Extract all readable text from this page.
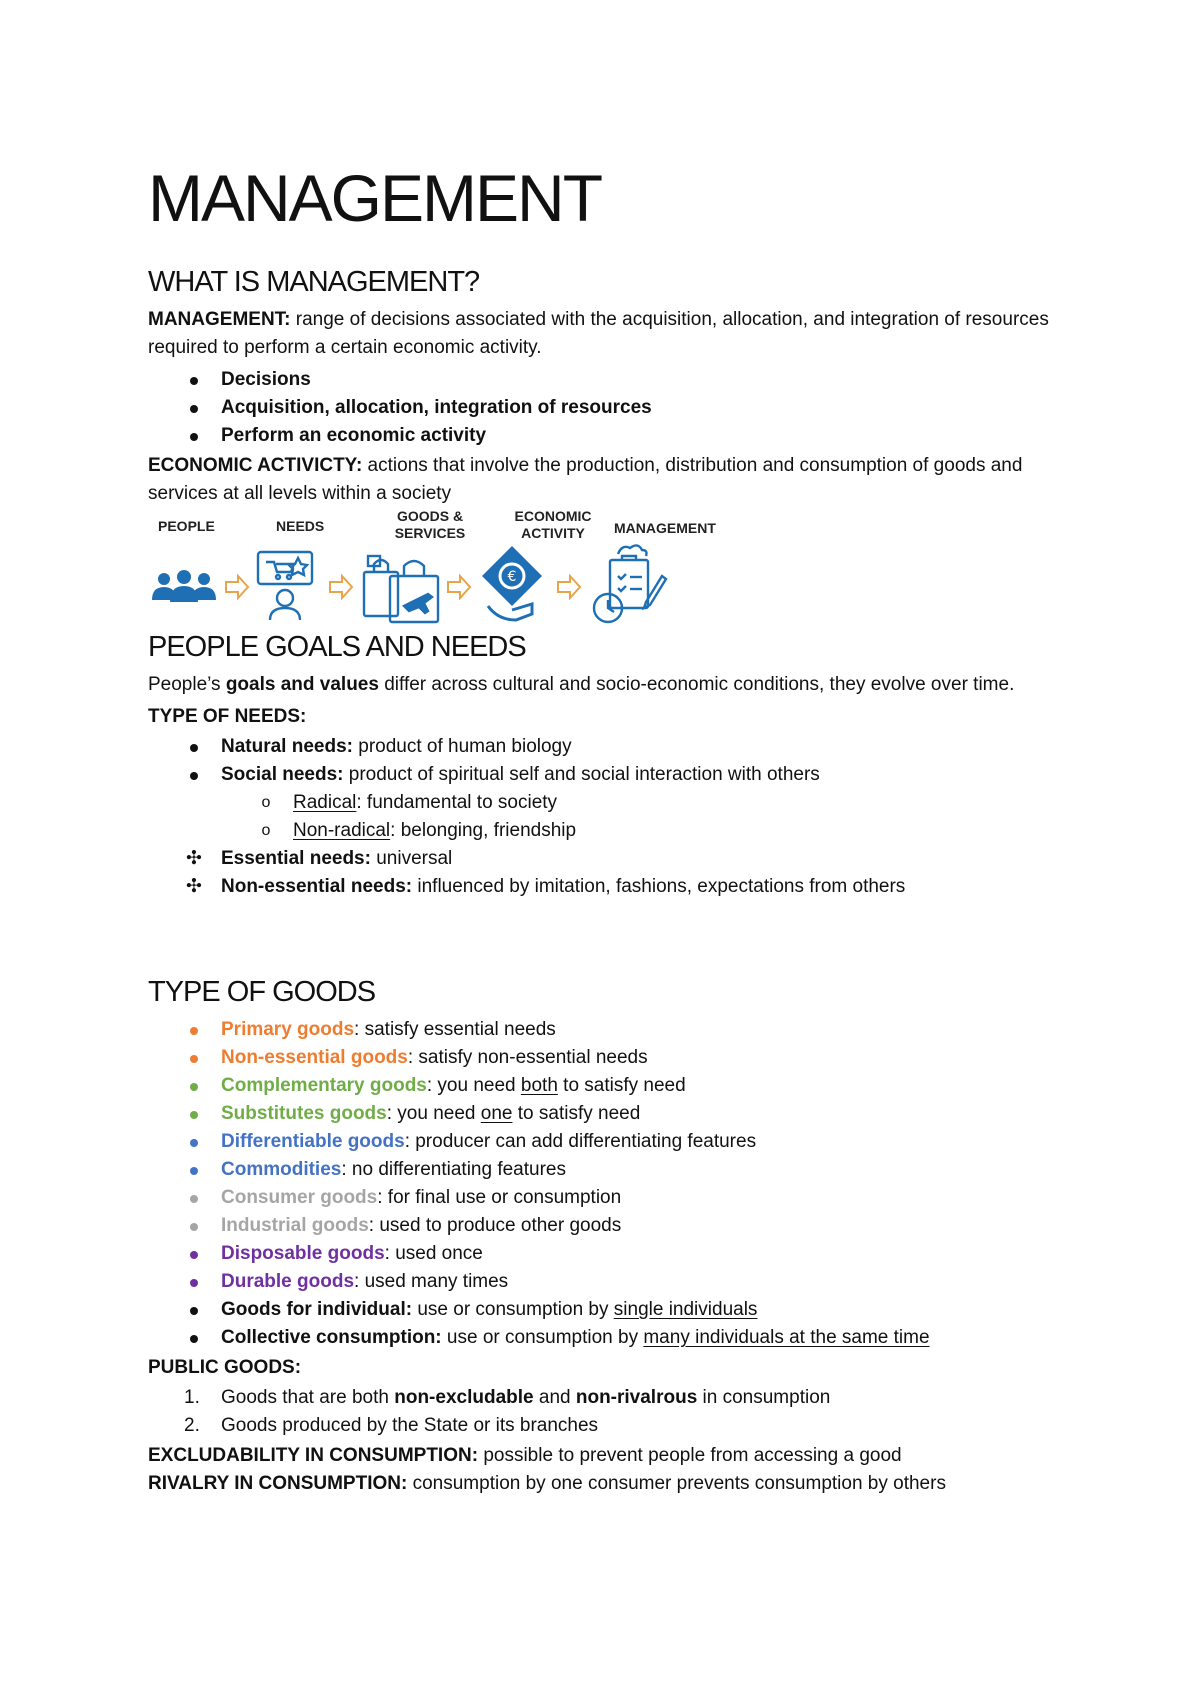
MANAGEMENT
WHAT IS MANAGEMENT?

MANAGEMENT: range of decisions associated with the acquisition, allocation, and integration of resources required to perform a certain economic activity.

Decisions
Acquisition, allocation, integration of resources
Perform an economic activity

ECONOMIC ACTIVICTY: actions that involve the production, distribution and consumption of goods and services at all levels within a society

PEOPLE	NEEDS
GOODS &
SERVICES
ECONOMIC
ACTIVITY	MANAGEMENT
€
PEOPLE GOALS AND NEEDS

People’s goals and values differ across cultural and socio-economic conditions, they evolve over time.

TYPE OF NEEDS:

Natural needs: product of human biology
Social needs: product of spiritual self and social interaction with others
o Radical: fundamental to society
o Non-radical: belonging, friendship
✣ Essential needs: universal
✣ Non-essential needs: influenced by imitation, fashions, expectations from others
TYPE OF GOODS
Primary goods: satisfy essential needs
Non-essential goods: satisfy non-essential needs
Complementary goods: you need both to satisfy need
Substitutes goods: you need one to satisfy need
Differentiable goods: producer can add differentiating features
Commodities: no differentiating features
Consumer goods: for final use or consumption
Industrial goods: used to produce other goods
Disposable goods: used once
Durable goods: used many times
Goods for individual: use or consumption by single individuals
Collective consumption: use or consumption by many individuals at the same time

PUBLIC GOODS:

1. Goods that are both non-excludable and non-rivalrous in consumption
2. Goods produced by the State or its branches

EXCLUDABILITY IN CONSUMPTION: possible to prevent people from accessing a good

RIVALRY IN CONSUMPTION: consumption by one consumer prevents consumption by others
